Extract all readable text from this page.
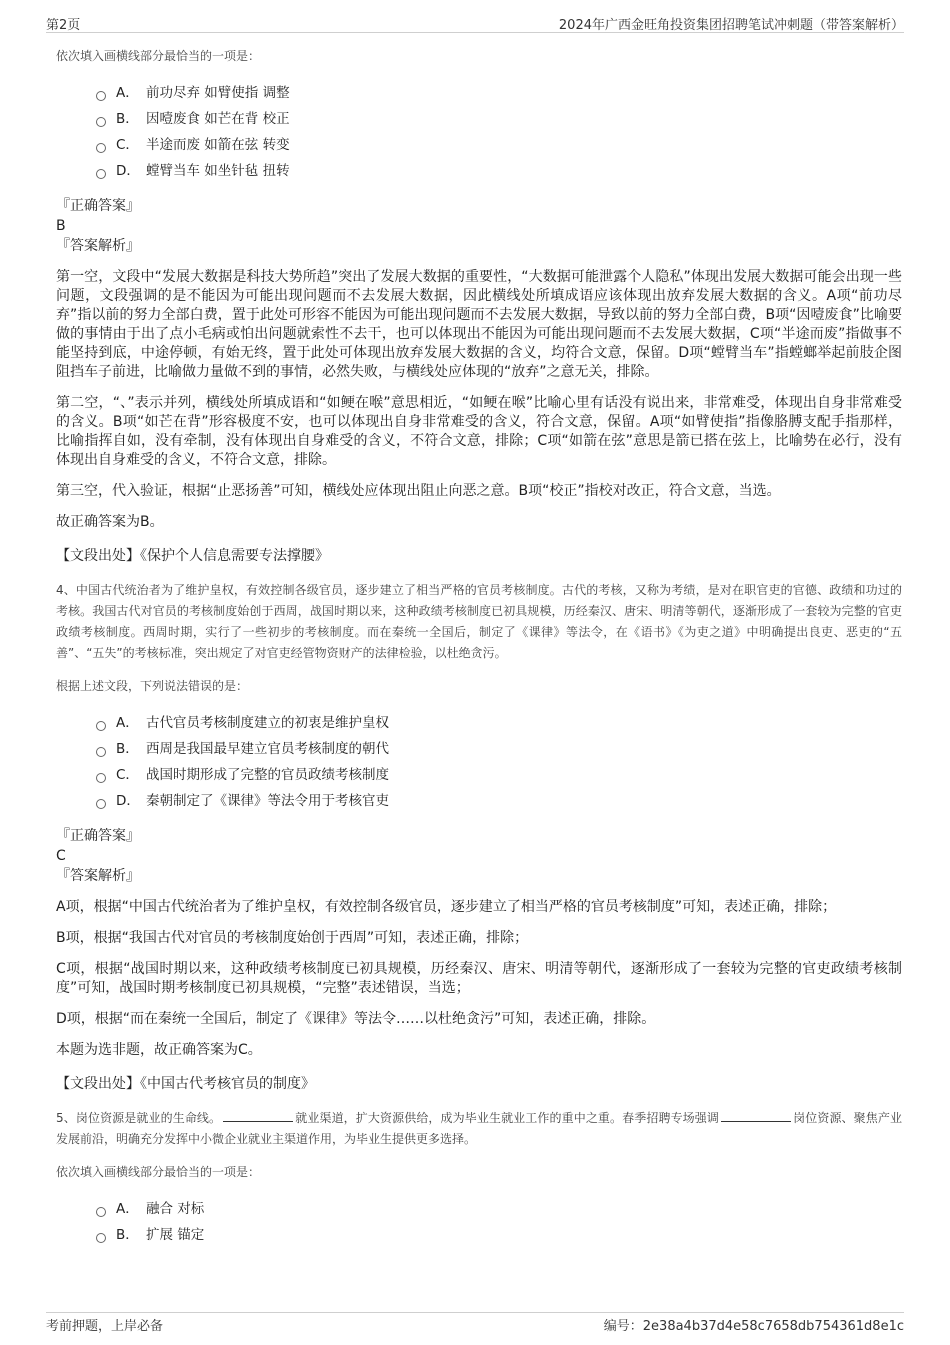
第2页	2024年广西金旺角投资集团招聘笔试冲刺题（带答案解析）

依次填入画横线部分最恰当的一项是：

A． 前功尽弃 如臂使指 调整
B． 因噎废食 如芒在背 校正
C． 半途而废 如箭在弦 转变
D． 螳臂当车 如坐针毡 扭转

『正确答案』

B

『答案解析』

第一空，文段中“发展大数据是科技大势所趋”突出了发展大数据的重要性，“大数据可能泄露个人隐私”体现出发展大数据可能会出现一些问题，文段强调的是不能因为可能出现问题而不去发展大数据，因此横线处所填成语应该体现出放弃发展大数据的含义。A项“前功尽弃”指以前的努力全部白费，置于此处可形容不能因为可能出现问题而不去发展大数据，导致以前的努力全部白费，B项“因噎废食”比喻要做的事情由于出了点小毛病或怕出问题就索性不去干，也可以体现出不能因为可能出现问题而不去发展大数据，C项“半途而废”指做事不能坚持到底，中途停顿，有始无终，置于此处可体现出放弃发展大数据的含义，均符合文意，保留。D项“螳臂当车”指螳螂举起前肢企图阻挡车子前进，比喻做力量做不到的事情，必然失败，与横线处应体现的“放弃”之意无关，排除。

第二空，“、”表示并列，横线处所填成语和“如鲠在喉”意思相近，“如鲠在喉”比喻心里有话没有说出来，非常难受，体现出自身非常难受的含义。B项“如芒在背”形容极度不安，也可以体现出自身非常难受的含义，符合文意，保留。A项“如臂使指”指像胳膊支配手指那样，比喻指挥自如，没有牵制，没有体现出自身难受的含义，不符合文意，排除；C项“如箭在弦”意思是箭已搭在弦上，比喻势在必行，没有体现出自身难受的含义，不符合文意，排除。

第三空，代入验证，根据“止恶扬善”可知，横线处应体现出阻止向恶之意。B项“校正”指校对改正，符合文意，当选。

故正确答案为B。

【文段出处】《保护个人信息需要专法撑腰》

4、中国古代统治者为了维护皇权，有效控制各级官员，逐步建立了相当严格的官员考核制度。古代的考核，又称为考绩，是对在职官吏的官德、政绩和功过的考核。我国古代对官员的考核制度始创于西周，战国时期以来，这种政绩考核制度已初具规模，历经秦汉、唐宋、明清等朝代，逐渐形成了一套较为完整的官吏政绩考核制度。西周时期，实行了一些初步的考核制度。而在秦统一全国后，制定了《课律》等法令，在《语书》《为吏之道》中明确提出良吏、恶吏的“五善”、“五失”的考核标准，突出规定了对官吏经管物资财产的法律检验，以杜绝贪污。

根据上述文段，下列说法错误的是：

A． 古代官员考核制度建立的初衷是维护皇权
B． 西周是我国最早建立官员考核制度的朝代
C． 战国时期形成了完整的官员政绩考核制度
D． 秦朝制定了《课律》等法令用于考核官吏

『正确答案』

C

『答案解析』

A项，根据“中国古代统治者为了维护皇权，有效控制各级官员，逐步建立了相当严格的官员考核制度”可知，表述正确，排除；

B项，根据“我国古代对官员的考核制度始创于西周”可知，表述正确，排除；

C项，根据“战国时期以来，这种政绩考核制度已初具规模，历经秦汉、唐宋、明清等朝代，逐渐形成了一套较为完整的官吏政绩考核制度”可知，战国时期考核制度已初具规模，“完整”表述错误，当选；

D项，根据“而在秦统一全国后，制定了《课律》等法令……以杜绝贪污”可知，表述正确，排除。

本题为选非题，故正确答案为C。

【文段出处】《中国古代考核官员的制度》

5、岗位资源是就业的生命线。	就业渠道，扩大资源供给，成为毕业生就业工作的重中之重。春季招聘专场强调	岗位资源、聚焦产业发展前沿，明确充分发挥中小微企业就业主渠道作用，为毕业生提供更多选择。

依次填入画横线部分最恰当的一项是：

A． 融合 对标
B． 扩展 锚定
考前押题，上岸必备	编号：2e38a4b37d4e58c7658db754361d8e1c
